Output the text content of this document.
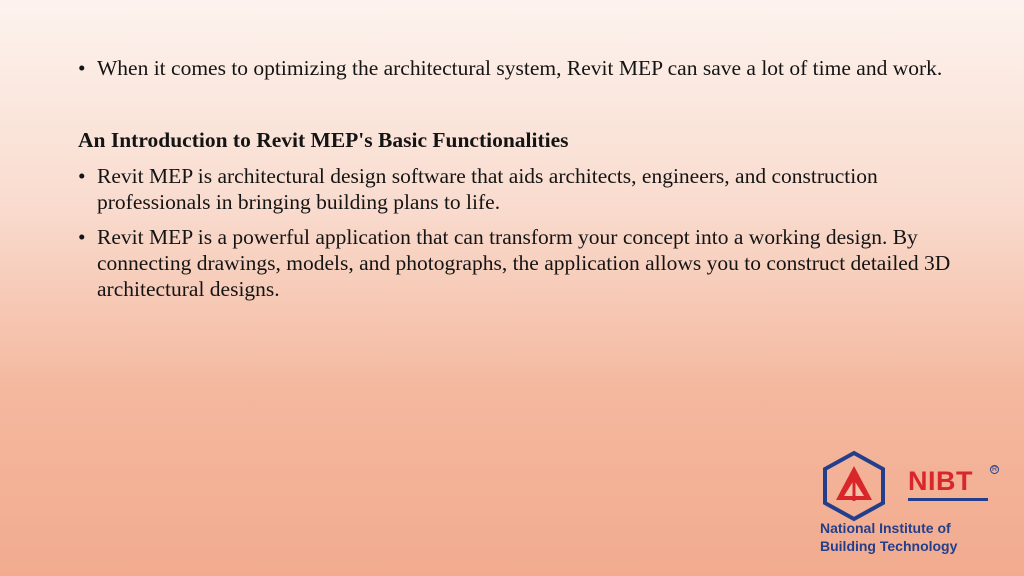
• When it comes to optimizing the architectural system, Revit MEP can save a lot of time and work.
An Introduction to Revit MEP's Basic Functionalities
• Revit MEP is architectural design software that aids architects, engineers, and construction professionals in bringing building plans to life.
• Revit MEP is a powerful application that can transform your concept into a working design. By connecting drawings, models, and photographs, the application allows you to construct detailed 3D architectural designs.
NIBT	R
National Institute of
Building Technology
